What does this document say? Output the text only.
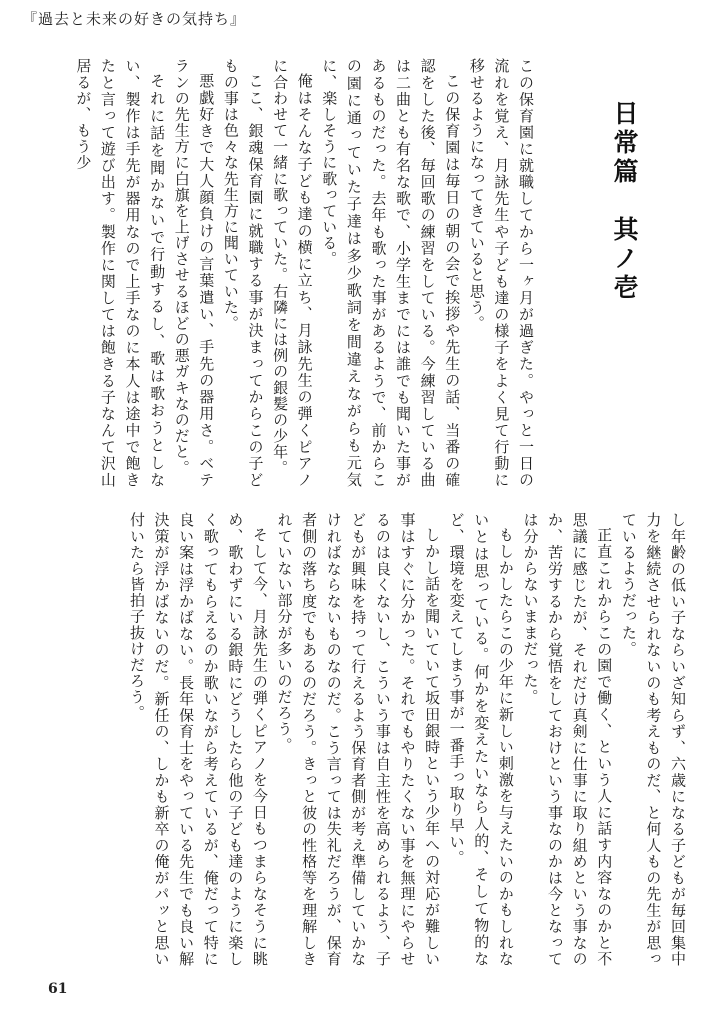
『過去と未来の好きの気持ち』
日常篇　其ノ壱

この保育園に就職してから一ヶ月が過ぎた。やっと一日の流れを覚え、月詠先生や子ども達の様子をよく見て行動に移せるようになってきていると思う。

この保育園は毎日の朝の会で挨拶や先生の話、当番の確認をした後、毎回歌の練習をしている。今練習している曲は二曲とも有名な歌で、小学生までには誰でも聞いた事があるものだった。去年も歌った事があるようで、前からこの園に通っていた子達は多少歌詞を間違えながらも元気に、楽しそうに歌っている。

俺はそんな子ども達の横に立ち、月詠先生の弾くピアノに合わせて一緒に歌っていた。右隣には例の銀髪の少年。

ここ、銀魂保育園に就職する事が決まってからこの子どもの事は色々な先生方に聞いていた。

悪戯好きで大人顔負けの言葉遣い、手先の器用さ。ベテランの先生方に白旗を上げさせるほどの悪ガキなのだと。

それに話を聞かないで行動するし、歌は歌おうとしない、製作は手先が器用なので上手なのに本人は途中で飽きたと言って遊び出す。製作に関しては飽きる子なんて沢山居るが、もう少

し年齢の低い子ならいざ知らず、六歳になる子どもが毎回集中力を継続させられないのも考えものだ、と何人もの先生が思っているようだった。

正直これからこの園で働く、という人に話す内容なのかと不思議に感じたが、それだけ真剣に仕事に取り組めという事なのか、苦労するから覚悟をしておけという事なのかは今となっては分からないままだった。

もしかしたらこの少年に新しい刺激を与えたいのかもしれないとは思っている。何かを変えたいなら人的、そして物的など、環境を変えてしまう事が一番手っ取り早い。

しかし話を聞いていて坂田銀時という少年への対応が難しい事はすぐに分かった。それでもやりたくない事を無理にやらせるのは良くないし、こういう事は自主性を高められるよう、子どもが興味を持って行えるよう保育者側が考え準備していかなければならないものなのだ。こう言っては失礼だろうが、保育者側の落ち度でもあるのだろう。きっと彼の性格等を理解しきれていない部分が多いのだろう。

そして今、月詠先生の弾くピアノを今日もつまらなそうに眺め、歌わずにいる銀時にどうしたら他の子ども達のように楽しく歌ってもらえるのか歌いながら考えているが、俺だって特に良い案は浮かばない。長年保育士をやっている先生でも良い解決策が浮かばないのだ。新任の、しかも新卒の俺がパッと思い付いたら皆拍子抜けだろう。

61
